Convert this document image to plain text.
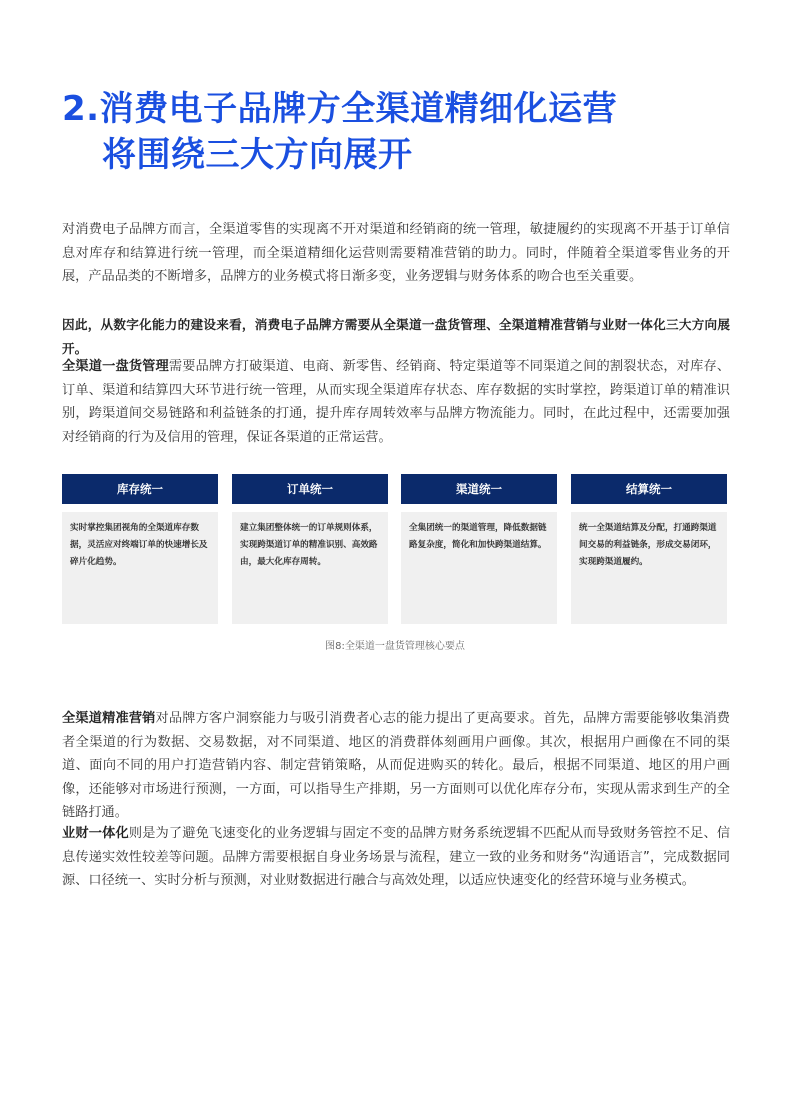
2.消费电子品牌方全渠道精细化运营
将围绕三大方向展开

对消费电子品牌方而言，全渠道零售的实现离不开对渠道和经销商的统一管理，敏捷履约的实现离不开基于订单信息对库存和结算进行统一管理，而全渠道精细化运营则需要精准营销的助力。同时，伴随着全渠道零售业务的开展，产品品类的不断增多，品牌方的业务模式将日渐多变，业务逻辑与财务体系的吻合也至关重要。

因此，从数字化能力的建设来看，消费电子品牌方需要从全渠道一盘货管理、全渠道精准营销与业财一体化三大方向展开。

全渠道一盘货管理需要品牌方打破渠道、电商、新零售、经销商、特定渠道等不同渠道之间的割裂状态，对库存、订单、渠道和结算四大环节进行统一管理，从而实现全渠道库存状态、库存数据的实时掌控，跨渠道订单的精准识别，跨渠道间交易链路和利益链条的打通，提升库存周转效率与品牌方物流能力。同时，在此过程中，还需要加强对经销商的行为及信用的管理，保证各渠道的正常运营。

库存统一
实时掌控集团视角的全渠道库存数据，灵活应对终端订单的快速增长及碎片化趋势。
订单统一
建立集团整体统一的订单规则体系，实现跨渠道订单的精准识别、高效路由，最大化库存周转。
渠道统一
全集团统一的渠道管理，降低数据链路复杂度，简化和加快跨渠道结算。
结算统一
统一全渠道结算及分配，打通跨渠道间交易的利益链条，形成交易闭环，实现跨渠道履约。
图8:全渠道一盘货管理核心要点

全渠道精准营销对品牌方客户洞察能力与吸引消费者心志的能力提出了更高要求。首先，品牌方需要能够收集消费者全渠道的行为数据、交易数据，对不同渠道、地区的消费群体刻画用户画像。其次，根据用户画像在不同的渠道、面向不同的用户打造营销内容、制定营销策略，从而促进购买的转化。最后，根据不同渠道、地区的用户画像，还能够对市场进行预测，一方面，可以指导生产排期，另一方面则可以优化库存分布，实现从需求到生产的全链路打通。

业财一体化则是为了避免飞速变化的业务逻辑与固定不变的品牌方财务系统逻辑不匹配从而导致财务管控不足、信息传递实效性较差等问题。品牌方需要根据自身业务场景与流程，建立一致的业务和财务“沟通语言”，完成数据同源、口径统一、实时分析与预测，对业财数据进行融合与高效处理，以适应快速变化的经营环境与业务模式。
